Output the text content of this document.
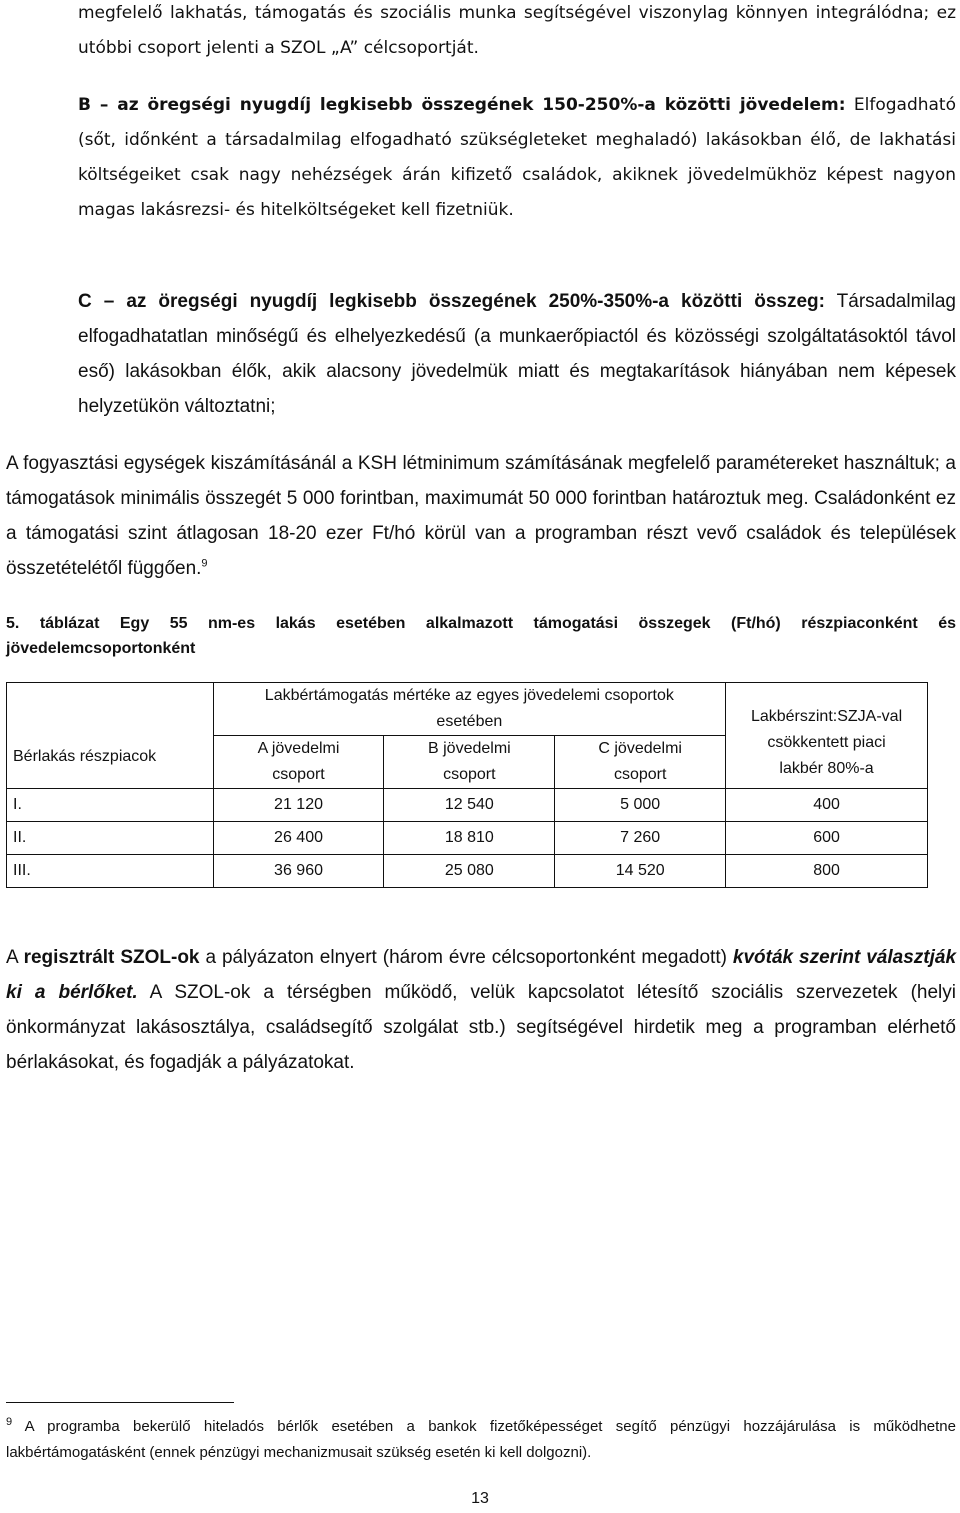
megfelelő lakhatás, támogatás és szociális munka segítségével viszonylag könnyen integrálódna; ez utóbbi csoport jelenti a SZOL „A” célcsoportját.

B – az öregségi nyugdíj legkisebb összegének 150-250%-a közötti jövedelem: Elfogadható (sőt, időnként a társadalmilag elfogadható szükségleteket meghaladó) lakásokban élő, de lakhatási költségeiket csak nagy nehézségek árán kifizető családok, akiknek jövedelmükhöz képest nagyon magas lakásrezsi- és hitelköltségeket kell fizetniük.
C – az öregségi nyugdíj legkisebb összegének 250%-350%-a közötti összeg: Társadalmilag elfogadhatatlan minőségű és elhelyezkedésű (a munkaerőpiactól és közösségi szolgáltatásoktól távol eső) lakásokban élők, akik alacsony jövedelmük miatt és megtakarítások hiányában nem képesek helyzetükön változtatni;

A fogyasztási egységek kiszámításánál a KSH létminimum számításának megfelelő paramétereket használtuk; a támogatások minimális összegét 5 000 forintban, maximumát 50 000 forintban határoztuk meg. Családonként ez a támogatási szint átlagosan 18-20 ezer Ft/hó körül van a programban részt vevő családok és települések összetételétől függően.$^9$

5. táblázat Egy 55 nm-es lakás esetében alkalmazott támogatási összegek (Ft/hó) részpiaconként és jövedelemcsoportonként

Bérlakás részpiacok	Lakbértámogatás mértéke az egyes jövedelemi csoportok esetében			Lakbérszint:SZJA-val csökkentett piaci lakbér 80%-a
	A jövedelmi csoport	B jövedelmi csoport	C jövedelmi csoport	
I.	21 120	12 540	5 000	400
II.	26 400	18 810	7 260	600
III.	36 960	25 080	14 520	800

A regisztrált SZOL-ok a pályázaton elnyert (három évre célcsoportonként megadott) kvóták szerint választják ki a bérlőket. A SZOL-ok a térségben működő, velük kapcsolatot létesítő szociális szervezetek (helyi önkormányzat lakásosztálya, családsegítő szolgálat stb.) segítségével hirdetik meg a programban elérhető bérlakásokat, és fogadják a pályázatokat.

$^9$ A programba bekerülő hiteladós bérlők esetében a bankok fizetőképességet segítő pénzügyi hozzájárulása is működhetne lakbértámogatásként (ennek pénzügyi mechanizmusait szükség esetén ki kell dolgozni).

13
